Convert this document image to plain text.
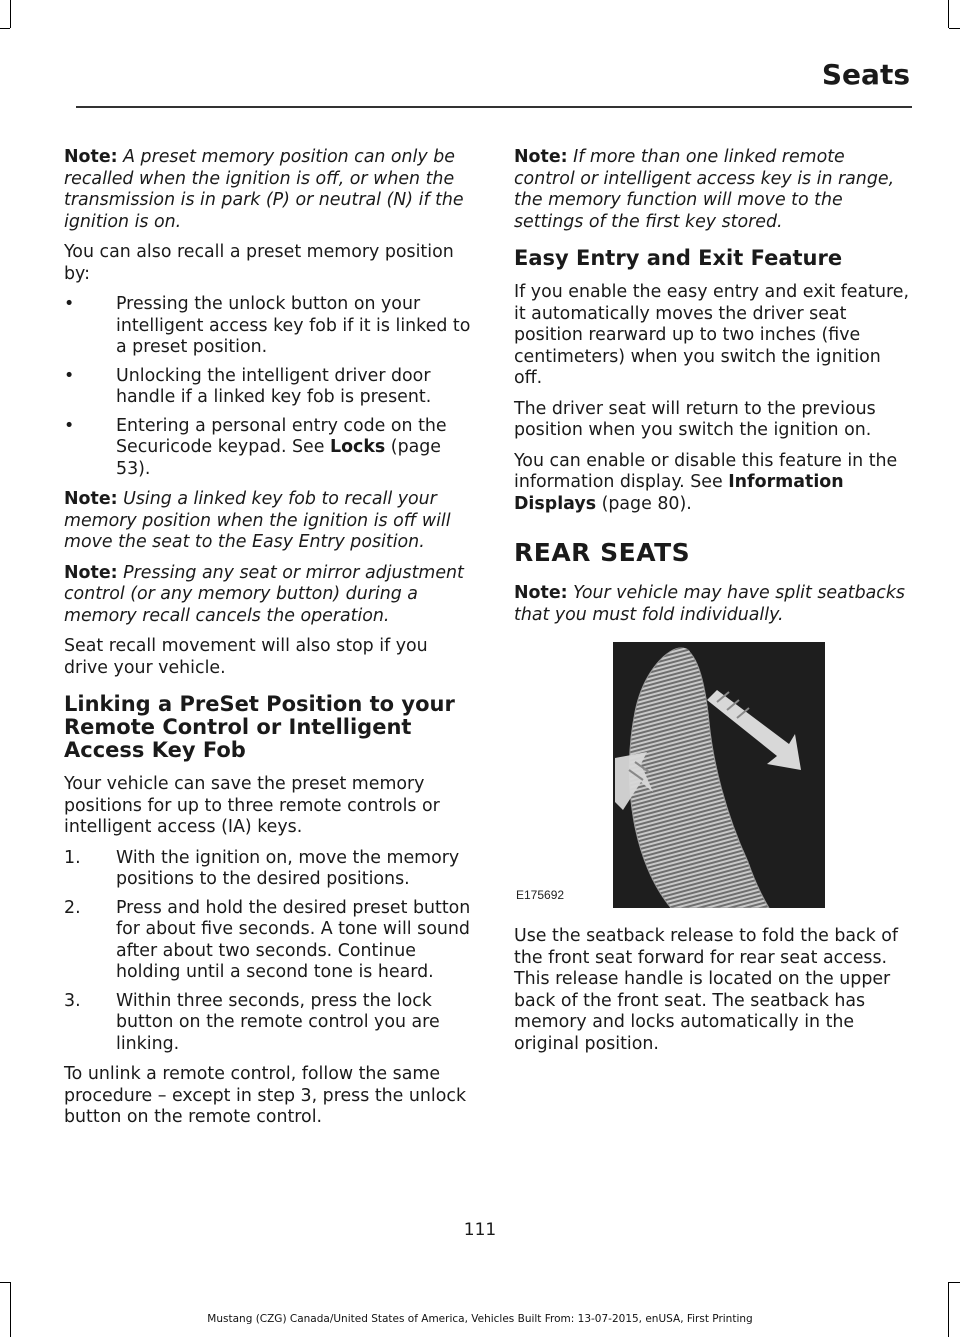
Seats

Note: A preset memory position can only be recalled when the ignition is off, or when the transmission is in park (P) or neutral (N) if the ignition is on.

You can also recall a preset memory position by:

•	Pressing the unlock button on your intelligent access key fob if it is linked to a preset position.
•	Unlocking the intelligent driver door handle if a linked key fob is present.
•	Entering a personal entry code on the Securicode keypad. See Locks (page 53).

Note: Using a linked key fob to recall your memory position when the ignition is off will move the seat to the Easy Entry position.

Note: Pressing any seat or mirror adjustment control (or any memory button) during a memory recall cancels the operation.

Seat recall movement will also stop if you drive your vehicle.

Linking a PreSet Position to your Remote Control or Intelligent Access Key Fob

Your vehicle can save the preset memory positions for up to three remote controls or intelligent access (IA) keys.

1.	With the ignition on, move the memory positions to the desired positions.
2.	Press and hold the desired preset button for about five seconds. A tone will sound after about two seconds. Continue holding until a second tone is heard.
3.	Within three seconds, press the lock button on the remote control you are linking.

To unlink a remote control, follow the same procedure – except in step 3, press the unlock button on the remote control.

Note: If more than one linked remote control or intelligent access key is in range, the memory function will move to the settings of the first key stored.

Easy Entry and Exit Feature

If you enable the easy entry and exit feature, it automatically moves the driver seat position rearward up to two inches (five centimeters) when you switch the ignition off.

The driver seat will return to the previous position when you switch the ignition on.

You can enable or disable this feature in the information display. See Information Displays (page 80).

REAR SEATS

Note: Your vehicle may have split seatbacks that you must fold individually.

E175692

Use the seatback release to fold the back of the front seat forward for rear seat access. This release handle is located on the upper back of the front seat. The seatback has memory and locks automatically in the original position.

111
Mustang (CZG) Canada/United States of America, Vehicles Built From: 13-07-2015, enUSA, First Printing
